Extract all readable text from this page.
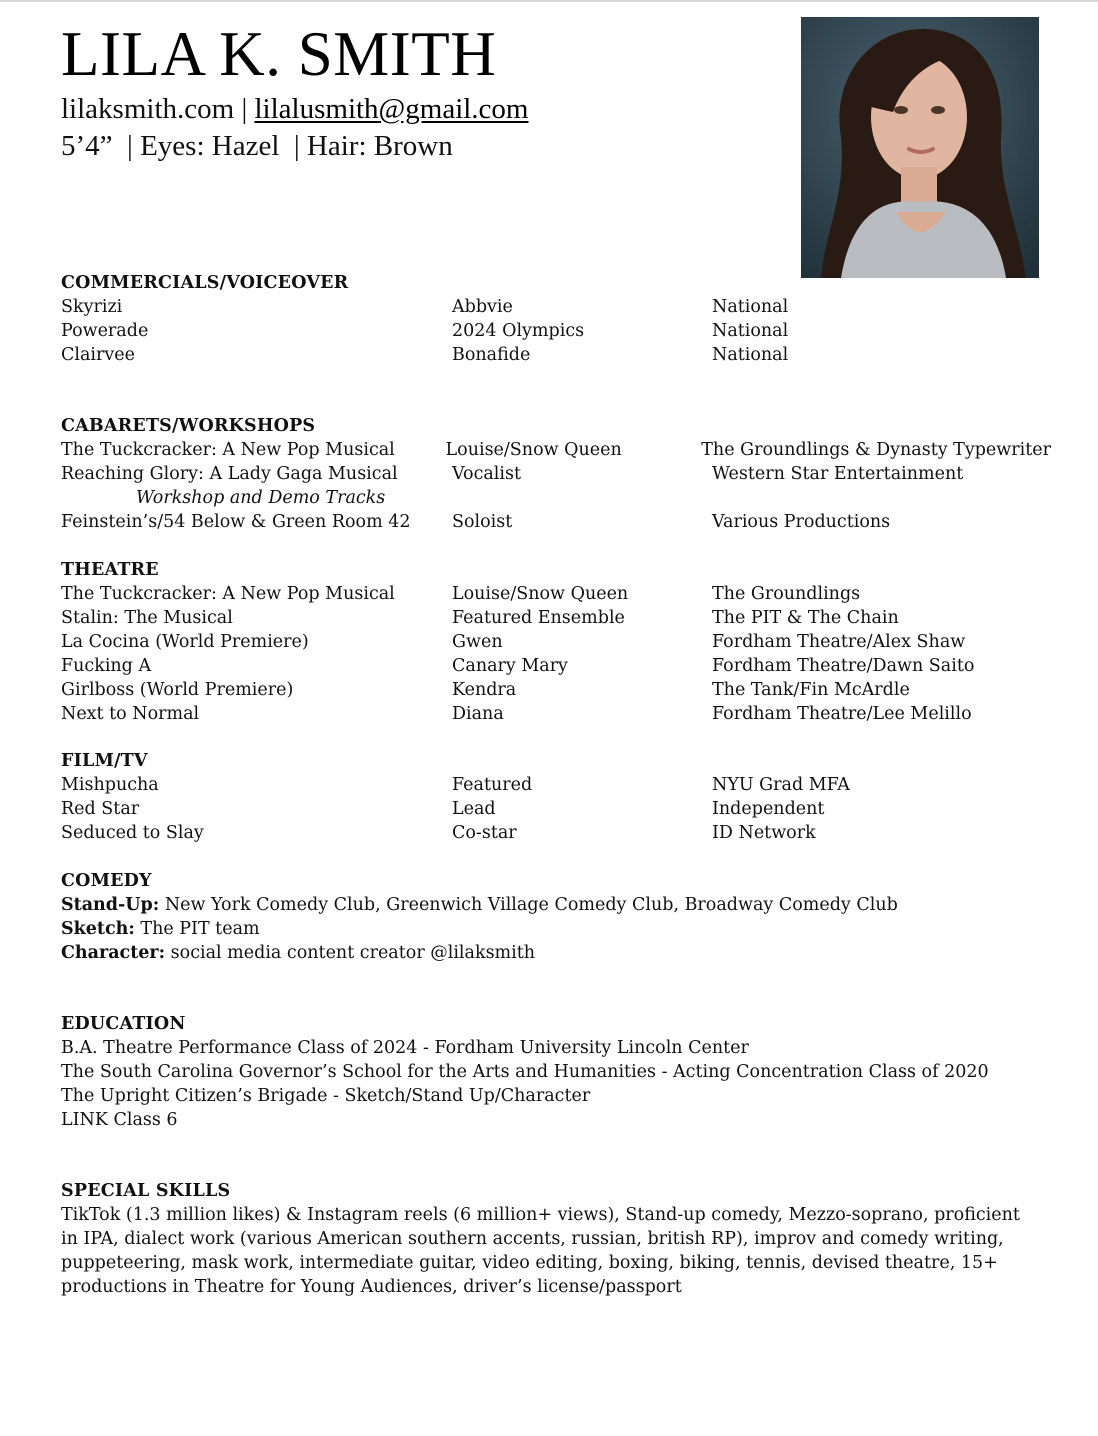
LILA K. SMITH
lilaksmith.com | lilalusmith@gmail.com
5’4”  | Eyes: Hazel  | Hair: Brown
COMMERCIALS/VOICEOVER
Skyrizi	Abbvie	National
Powerade	2024 Olympics	National
Clairvee	Bonafide	National
CABARETS/WORKSHOPS
The Tuckcracker: A New Pop Musical	Louise/Snow Queen	The Groundlings & Dynasty Typewriter
Reaching Glory: A Lady Gaga Musical	Vocalist	Western Star Entertainment
Workshop and Demo Tracks
Feinstein’s/54 Below & Green Room 42	Soloist	Various Productions
THEATRE
The Tuckcracker: A New Pop Musical	Louise/Snow Queen	The Groundlings
Stalin: The Musical	Featured Ensemble	The PIT & The Chain
La Cocina (World Premiere)	Gwen	Fordham Theatre/Alex Shaw
Fucking A	Canary Mary	Fordham Theatre/Dawn Saito
Girlboss (World Premiere)	Kendra	The Tank/Fin McArdle
Next to Normal	Diana	Fordham Theatre/Lee Melillo
FILM/TV
Mishpucha	Featured	NYU Grad MFA
Red Star	Lead	Independent
Seduced to Slay	Co-star	ID Network
COMEDY
Stand-Up: New York Comedy Club, Greenwich Village Comedy Club, Broadway Comedy Club
Sketch: The PIT team
Character: social media content creator @lilaksmith
EDUCATION
B.A. Theatre Performance Class of 2024 - Fordham University Lincoln Center
The South Carolina Governor’s School for the Arts and Humanities - Acting Concentration Class of 2020
The Upright Citizen’s Brigade - Sketch/Stand Up/Character
LINK Class 6
SPECIAL SKILLS
TikTok (1.3 million likes) & Instagram reels (6 million+ views), Stand-up comedy, Mezzo-soprano, proficient in IPA, dialect work (various American southern accents, russian, british RP), improv and comedy writing, puppeteering, mask work, intermediate guitar, video editing, boxing, biking, tennis, devised theatre, 15+ productions in Theatre for Young Audiences, driver’s license/passport
